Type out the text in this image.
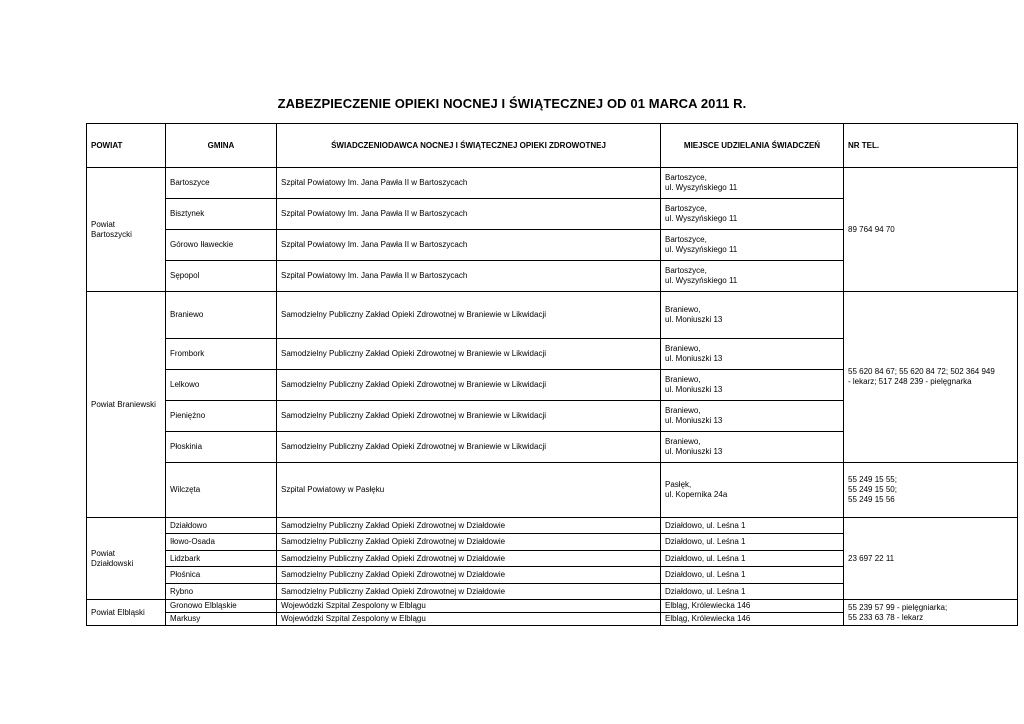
ZABEZPIECZENIE OPIEKI NOCNEJ I ŚWIĄTECZNEJ OD 01 MARCA 2011 R.
POWIAT	GMINA	ŚWIADCZENIODAWCA NOCNEJ I ŚWIĄTECZNEJ OPIEKI ZDROWOTNEJ	MIEJSCE UDZIELANIA ŚWIADCZEŃ	NR TEL.

Powiat
Bartoszycki	Bartoszyce	Szpital Powiatowy Im. Jana Pawła II w Bartoszycach	Bartoszyce,
ul. Wyszyńskiego 11	89 764 94 70

	Bisztynek	Szpital Powiatowy Im. Jana Pawła II w Bartoszycach	Bartoszyce,
ul. Wyszyńskiego 11	

	Górowo Iławeckie	Szpital Powiatowy Im. Jana Pawła II w Bartoszycach	Bartoszyce,
ul. Wyszyńskiego 11	

	Sępopol	Szpital Powiatowy Im. Jana Pawła II w Bartoszycach	Bartoszyce,
ul. Wyszyńskiego 11	

Powiat Braniewski	Braniewo	Samodzielny Publiczny Zakład Opieki Zdrowotnej w Braniewie w Likwidacji	Braniewo,
ul. Moniuszki 13	55 620 84 67; 55 620 84 72; 502 364 949
- lekarz; 517 248 239 - pielęgnarka

	Frombork	Samodzielny Publiczny Zakład Opieki Zdrowotnej w Braniewie w Likwidacji	Braniewo,
ul. Moniuszki 13	

	Lelkowo	Samodzielny Publiczny Zakład Opieki Zdrowotnej w Braniewie w Likwidacji	Braniewo,
ul. Moniuszki 13	

	Pieniężno	Samodzielny Publiczny Zakład Opieki Zdrowotnej w Braniewie w Likwidacji	Braniewo,
ul. Moniuszki 13	

	Płoskinia	Samodzielny Publiczny Zakład Opieki Zdrowotnej w Braniewie w Likwidacji	Braniewo,
ul. Moniuszki 13	

	Wilczęta	Szpital Powiatowy w Pasłęku	Pasłęk,
ul. Kopernika 24a	55 249 15 55;
55 249 15 50;
55 249 15 56

Powiat
Działdowski	Działdowo	Samodzielny Publiczny Zakład Opieki Zdrowotnej w Działdowie	Działdowo, ul. Leśna 1	23 697 22 11

	Iłowo-Osada	Samodzielny Publiczny Zakład Opieki Zdrowotnej w Działdowie	Działdowo, ul. Leśna 1	

	Lidzbark	Samodzielny Publiczny Zakład Opieki Zdrowotnej w Działdowie	Działdowo, ul. Leśna 1	

	Płośnica	Samodzielny Publiczny Zakład Opieki Zdrowotnej w Działdowie	Działdowo, ul. Leśna 1	

	Rybno	Samodzielny Publiczny Zakład Opieki Zdrowotnej w Działdowie	Działdowo, ul. Leśna 1	

Powiat Elbląski	Gronowo Elbląskie	Wojewódzki Szpital Zespolony w Elblągu	Elbląg, Królewiecka 146	55 239 57 99 - pielęgniarka;
55 233 63 78 - lekarz

	Markusy	Wojewódzki Szpital Zespolony w Elblągu	Elbląg, Królewiecka 146	
